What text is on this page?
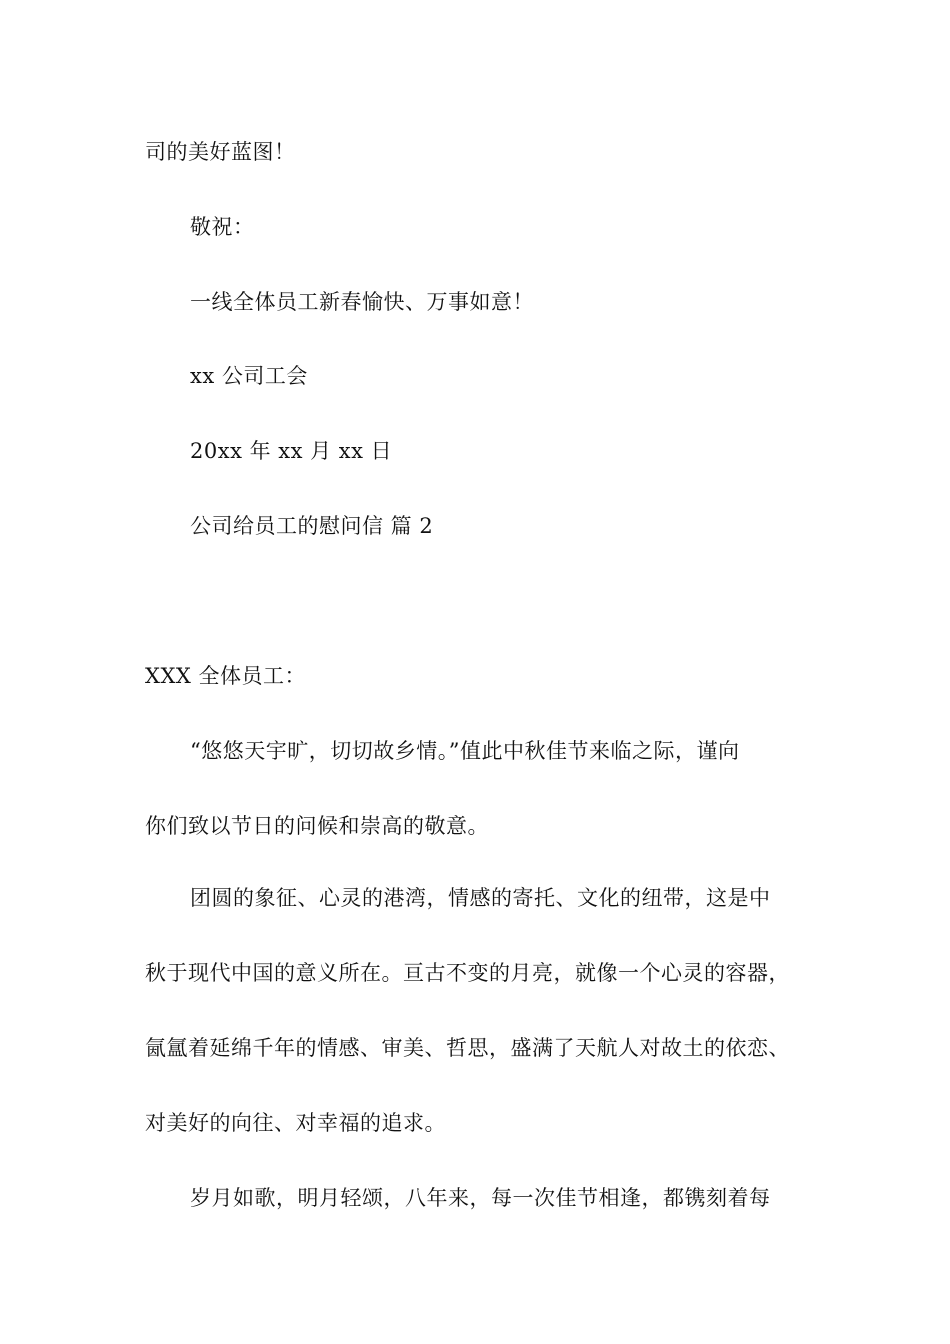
司的美好蓝图！
敬祝：
一线全体员工新春愉快、万事如意！
xx 公司工会
20xx 年 xx 月 xx 日
公司给员工的慰问信 篇 2
XXX 全体员工：
“悠悠天宇旷，切切故乡情。”值此中秋佳节来临之际，谨向
你们致以节日的问候和崇高的敬意。
团圆的象征、心灵的港湾，情感的寄托、文化的纽带，这是中
秋于现代中国的意义所在。亘古不变的月亮，就像一个心灵的容器，
氤氲着延绵千年的情感、审美、哲思，盛满了天航人对故土的依恋、
对美好的向往、对幸福的追求。
岁月如歌，明月轻颂，八年来，每一次佳节相逢，都镌刻着每
